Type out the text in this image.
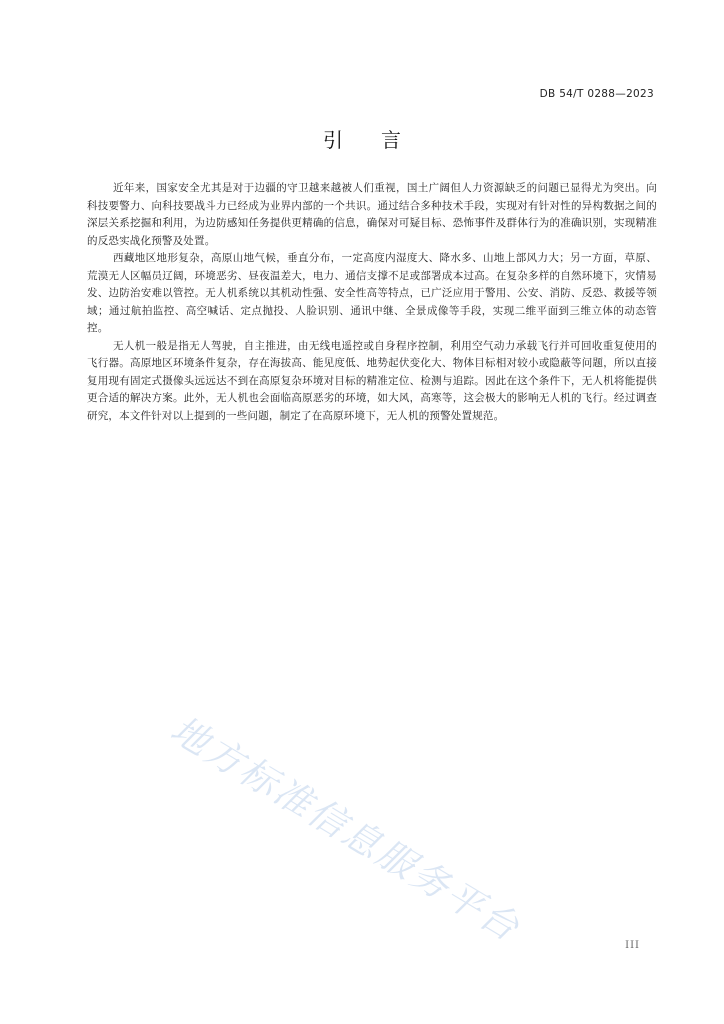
DB 54/T 0288—2023
引言

近年来，国家安全尤其是对于边疆的守卫越来越被人们重视，国土广阔但人力资源缺乏的问题已显得尤为突出。向科技要警力、向科技要战斗力已经成为业界内部的一个共识。通过结合多种技术手段，实现对有针对性的异构数据之间的深层关系挖掘和利用，为边防感知任务提供更精确的信息，确保对可疑目标、恐怖事件及群体行为的准确识别，实现精准的反恐实战化预警及处置。

西藏地区地形复杂，高原山地气候，垂直分布，一定高度内湿度大、降水多、山地上部风力大；另一方面，草原、荒漠无人区幅员辽阔，环境恶劣、昼夜温差大，电力、通信支撑不足或部署成本过高。在复杂多样的自然环境下，灾情易发、边防治安难以管控。无人机系统以其机动性强、安全性高等特点，已广泛应用于警用、公安、消防、反恐、救援等领域；通过航拍监控、高空喊话、定点抛投、人脸识别、通讯中继、全景成像等手段，实现二维平面到三维立体的动态管控。

无人机一般是指无人驾驶，自主推进，由无线电遥控或自身程序控制，利用空气动力承载飞行并可回收重复使用的飞行器。高原地区环境条件复杂，存在海拔高、能见度低、地势起伏变化大、物体目标相对较小或隐蔽等问题，所以直接复用现有固定式摄像头远远达不到在高原复杂环境对目标的精准定位、检测与追踪。因此在这个条件下，无人机将能提供更合适的解决方案。此外，无人机也会面临高原恶劣的环境，如大风，高寒等，这会极大的影响无人机的飞行。经过调查研究，本文件针对以上提到的一些问题，制定了在高原环境下，无人机的预警处置规范。

地方标准信息服务平台	III
